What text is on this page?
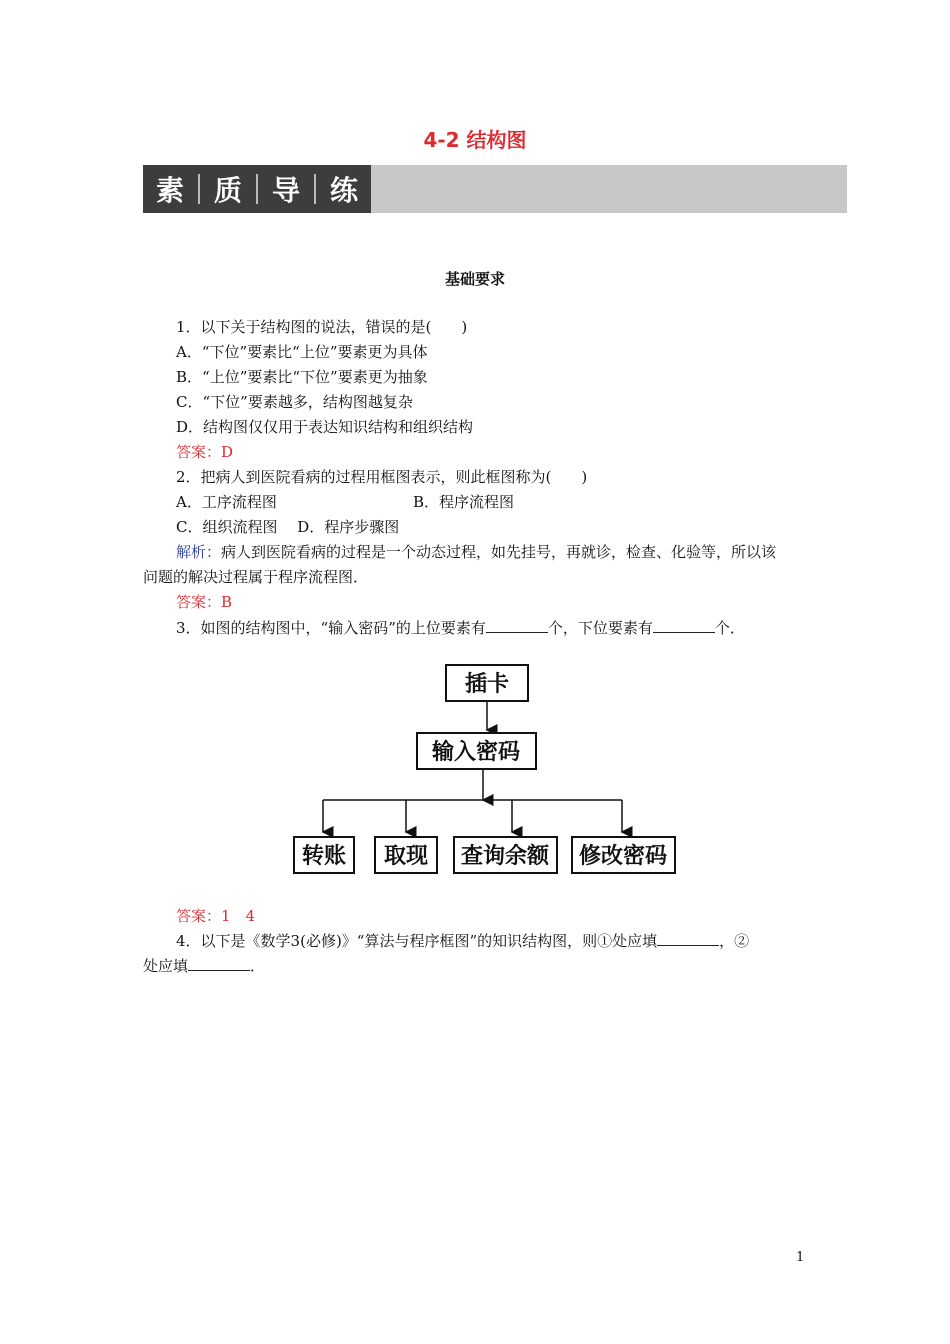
4-2 结构图
素 质 导 练
基础要求
1．以下关于结构图的说法，错误的是(　　)
A．“下位”要素比“上位”要素更为具体
B．“上位”要素比“下位”要素更为抽象
C．“下位”要素越多，结构图越复杂
D．结构图仅仅用于表达知识结构和组织结构
答案：D
2．把病人到医院看病的过程用框图表示，则此框图称为(　　)
A．工序流程图	B．程序流程图
C．组织流程图　 D．程序步骤图
解析：病人到医院看病的过程是一个动态过程，如先挂号，再就诊，检查、化验等，所以该
问题的解决过程属于程序流程图．
答案：B
3．如图的结构图中，“输入密码”的上位要素有	个，下位要素有	个．
插卡
输入密码
转账 取现 查询余额 修改密码
答案：1　4
4．以下是《数学3(必修)》“算法与程序框图”的知识结构图，则①处应填	，②
处应填	．
1
